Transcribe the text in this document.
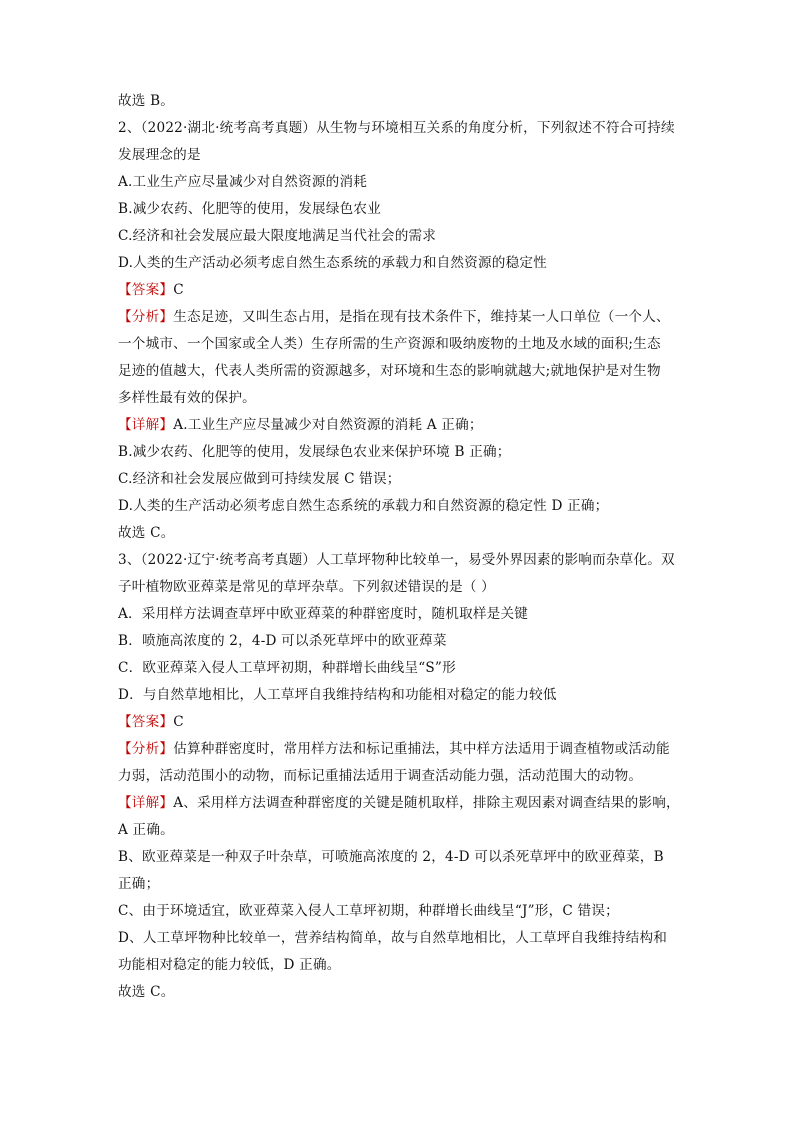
故选 B。
2、（2022·湖北·统考高考真题）从生物与环境相互关系的角度分析，下列叙述不符合可持续
发展理念的是
A.工业生产应尽量减少对自然资源的消耗
B.减少农药、化肥等的使用，发展绿色农业
C.经济和社会发展应最大限度地满足当代社会的需求
D.人类的生产活动必须考虑自然生态系统的承载力和自然资源的稳定性
【答案】C
【分析】生态足迹，又叫生态占用，是指在现有技术条件下，维持某一人口单位（一个人、
一个城市、一个国家或全人类）生存所需的生产资源和吸纳废物的土地及水域的面积;生态
足迹的值越大，代表人类所需的资源越多，对环境和生态的影响就越大;就地保护是对生物
多样性最有效的保护。
【详解】A.工业生产应尽量减少对自然资源的消耗 A 正确；
B.减少农药、化肥等的使用，发展绿色农业来保护环境 B 正确；
C.经济和社会发展应做到可持续发展 C 错误；
D.人类的生产活动必须考虑自然生态系统的承载力和自然资源的稳定性 D 正确；
故选 C。
3、（2022·辽宁·统考高考真题）人工草坪物种比较单一，易受外界因素的影响而杂草化。双
子叶植物欧亚蔊菜是常见的草坪杂草。下列叙述错误的是（ ）
A．采用样方法调查草坪中欧亚蔊菜的种群密度时，随机取样是关键
B．喷施高浓度的 2，4-D 可以杀死草坪中的欧亚蔊菜
C．欧亚蔊菜入侵人工草坪初期，种群增长曲线呈“S”形
D．与自然草地相比，人工草坪自我维持结构和功能相对稳定的能力较低
【答案】C
【分析】估算种群密度时，常用样方法和标记重捕法，其中样方法适用于调查植物或活动能
力弱，活动范围小的动物，而标记重捕法适用于调查活动能力强，活动范围大的动物。
【详解】A、采用样方法调查种群密度的关键是随机取样，排除主观因素对调查结果的影响，
A 正确。
B、欧亚蔊菜是一种双子叶杂草，可喷施高浓度的 2，4-D 可以杀死草坪中的欧亚蔊菜，B
正确；
C、由于环境适宜，欧亚蔊菜入侵人工草坪初期，种群增长曲线呈“J”形，C 错误；
D、人工草坪物种比较单一，营养结构简单，故与自然草地相比，人工草坪自我维持结构和
功能相对稳定的能力较低，D 正确。
故选 C。
